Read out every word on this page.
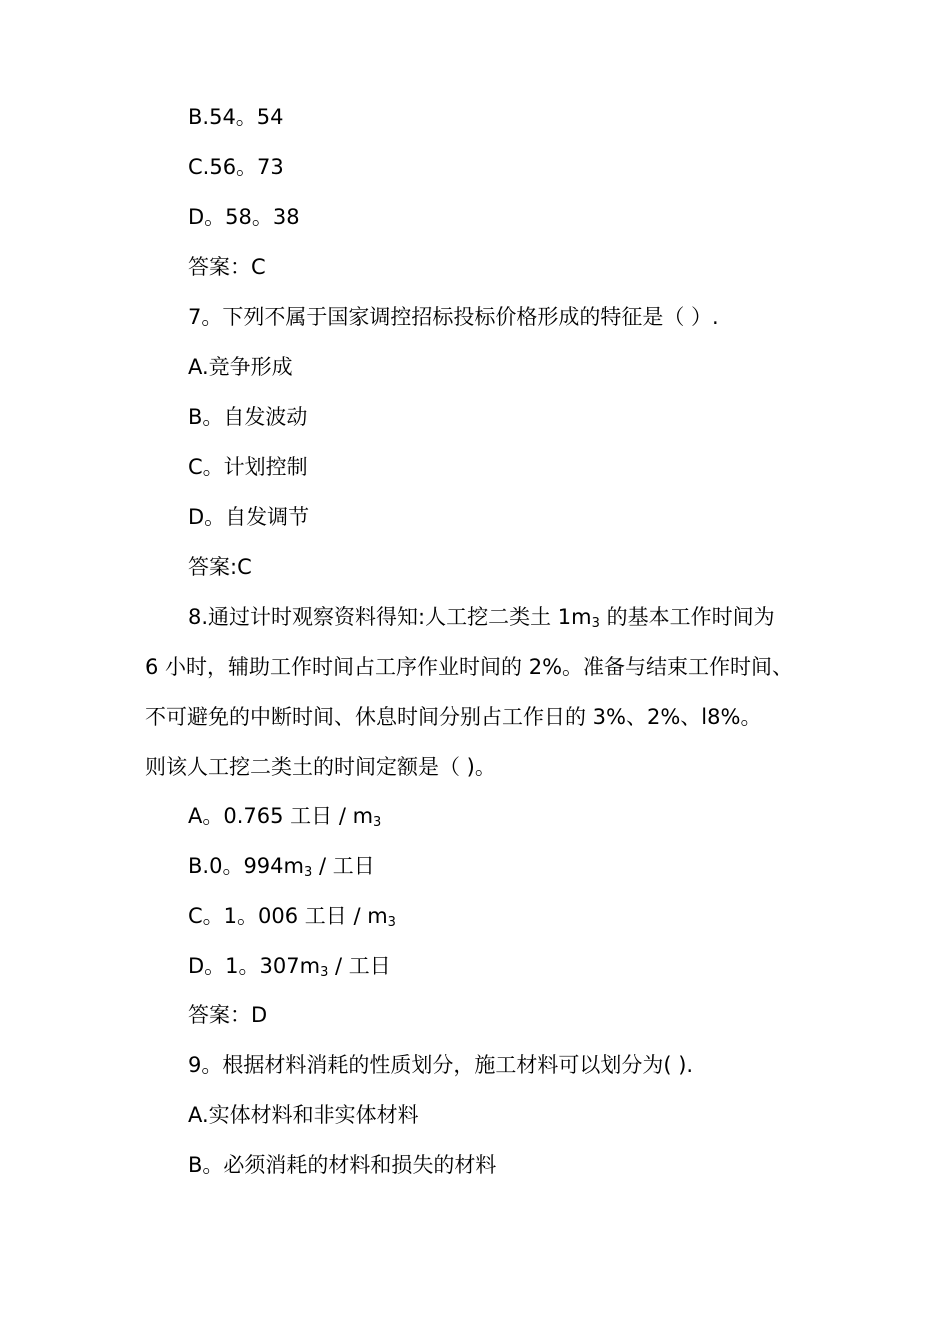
B.54。54
C.56。73
D。58。38
答案：C
7。下列不属于国家调控招标投标价格形成的特征是（ ）.
A.竞争形成
B。自发波动
C。计划控制
D。自发调节
答案:C
8.通过计时观察资料得知:人工挖二类土 $1m_3$ 的基本工作时间为
6 小时，辅助工作时间占工序作业时间的 2%。准备与结束工作时间、
不可避免的中断时间、休息时间分别占工作日的 3%、2%、l8%。
则该人工挖二类土的时间定额是（ )。
A。0.765 工日 / $m_3$
B.0。$994m_3$ / 工日
C。1。006 工日 / $m_3$
D。1。$307m_3$ / 工日
答案：D
9。根据材料消耗的性质划分，施工材料可以划分为( ).
A.实体材料和非实体材料
B。必须消耗的材料和损失的材料
